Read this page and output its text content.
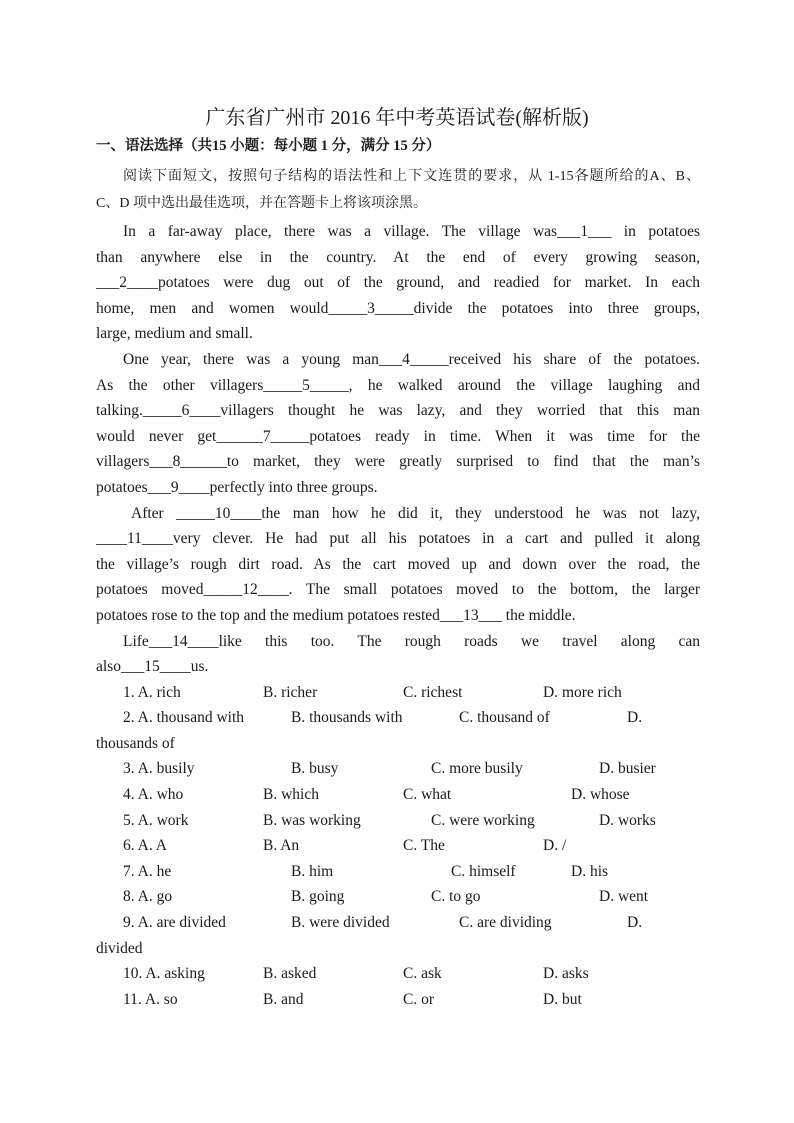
广东省广州市 2016 年中考英语试卷(解析版)
一、语法选择（共15 小题：每小题 1 分，满分 15 分）
阅读下面短文，按照句子结构的语法性和上下文连贯的要求，从 1-15各题所给的A、B、
C、D 项中选出最佳选项，并在答题卡上将该项涂黑。
In a far-away place, there was a village. The village was___1___ in potatoes
than anywhere else in the country. At the end of every growing season,
___2____potatoes were dug out of the ground, and readied for market. In each
home, men and women would_____3_____divide the potatoes into three groups,
large, medium and small.
One year, there was a young man___4_____received his share of the potatoes.
As the other villagers_____5_____, he walked around the village laughing and
talking._____6____villagers thought he was lazy, and they worried that this man
would never get______7_____potatoes ready in time. When it was time for the
villagers___8______to market, they were greatly surprised to find that the man’s
potatoes___9____perfectly into three groups.
After _____10____the man how he did it, they understood he was not lazy,
____11____very clever. He had put all his potatoes in a cart and pulled it along
the village’s rough dirt road. As the cart moved up and down over the road, the
potatoes moved_____12____. The small potatoes moved to the bottom, the larger
potatoes rose to the top and the medium potatoes rested___13___ the middle.
Life___14____like this too. The rough roads we travel along can
also___15____us.
1. A. rich	B. richer	C. richest	D. more rich
2. A. thousand with	B. thousands with	C. thousand of	D.
thousands of
3. A. busily	B. busy	C. more busily	D. busier
4. A. who	B. which	C. what	D. whose
5. A. work	B. was working	C. were working	D. works
6. A. A	B. An	C. The	D. /
7. A. he	B. him	C. himself	D. his
8. A. go	B. going	C. to go	D. went
9. A. are divided	B. were divided	C. are dividing	D.
divided
10. A. asking	B. asked	C. ask	D. asks
11. A. so	B. and	C. or	D. but
